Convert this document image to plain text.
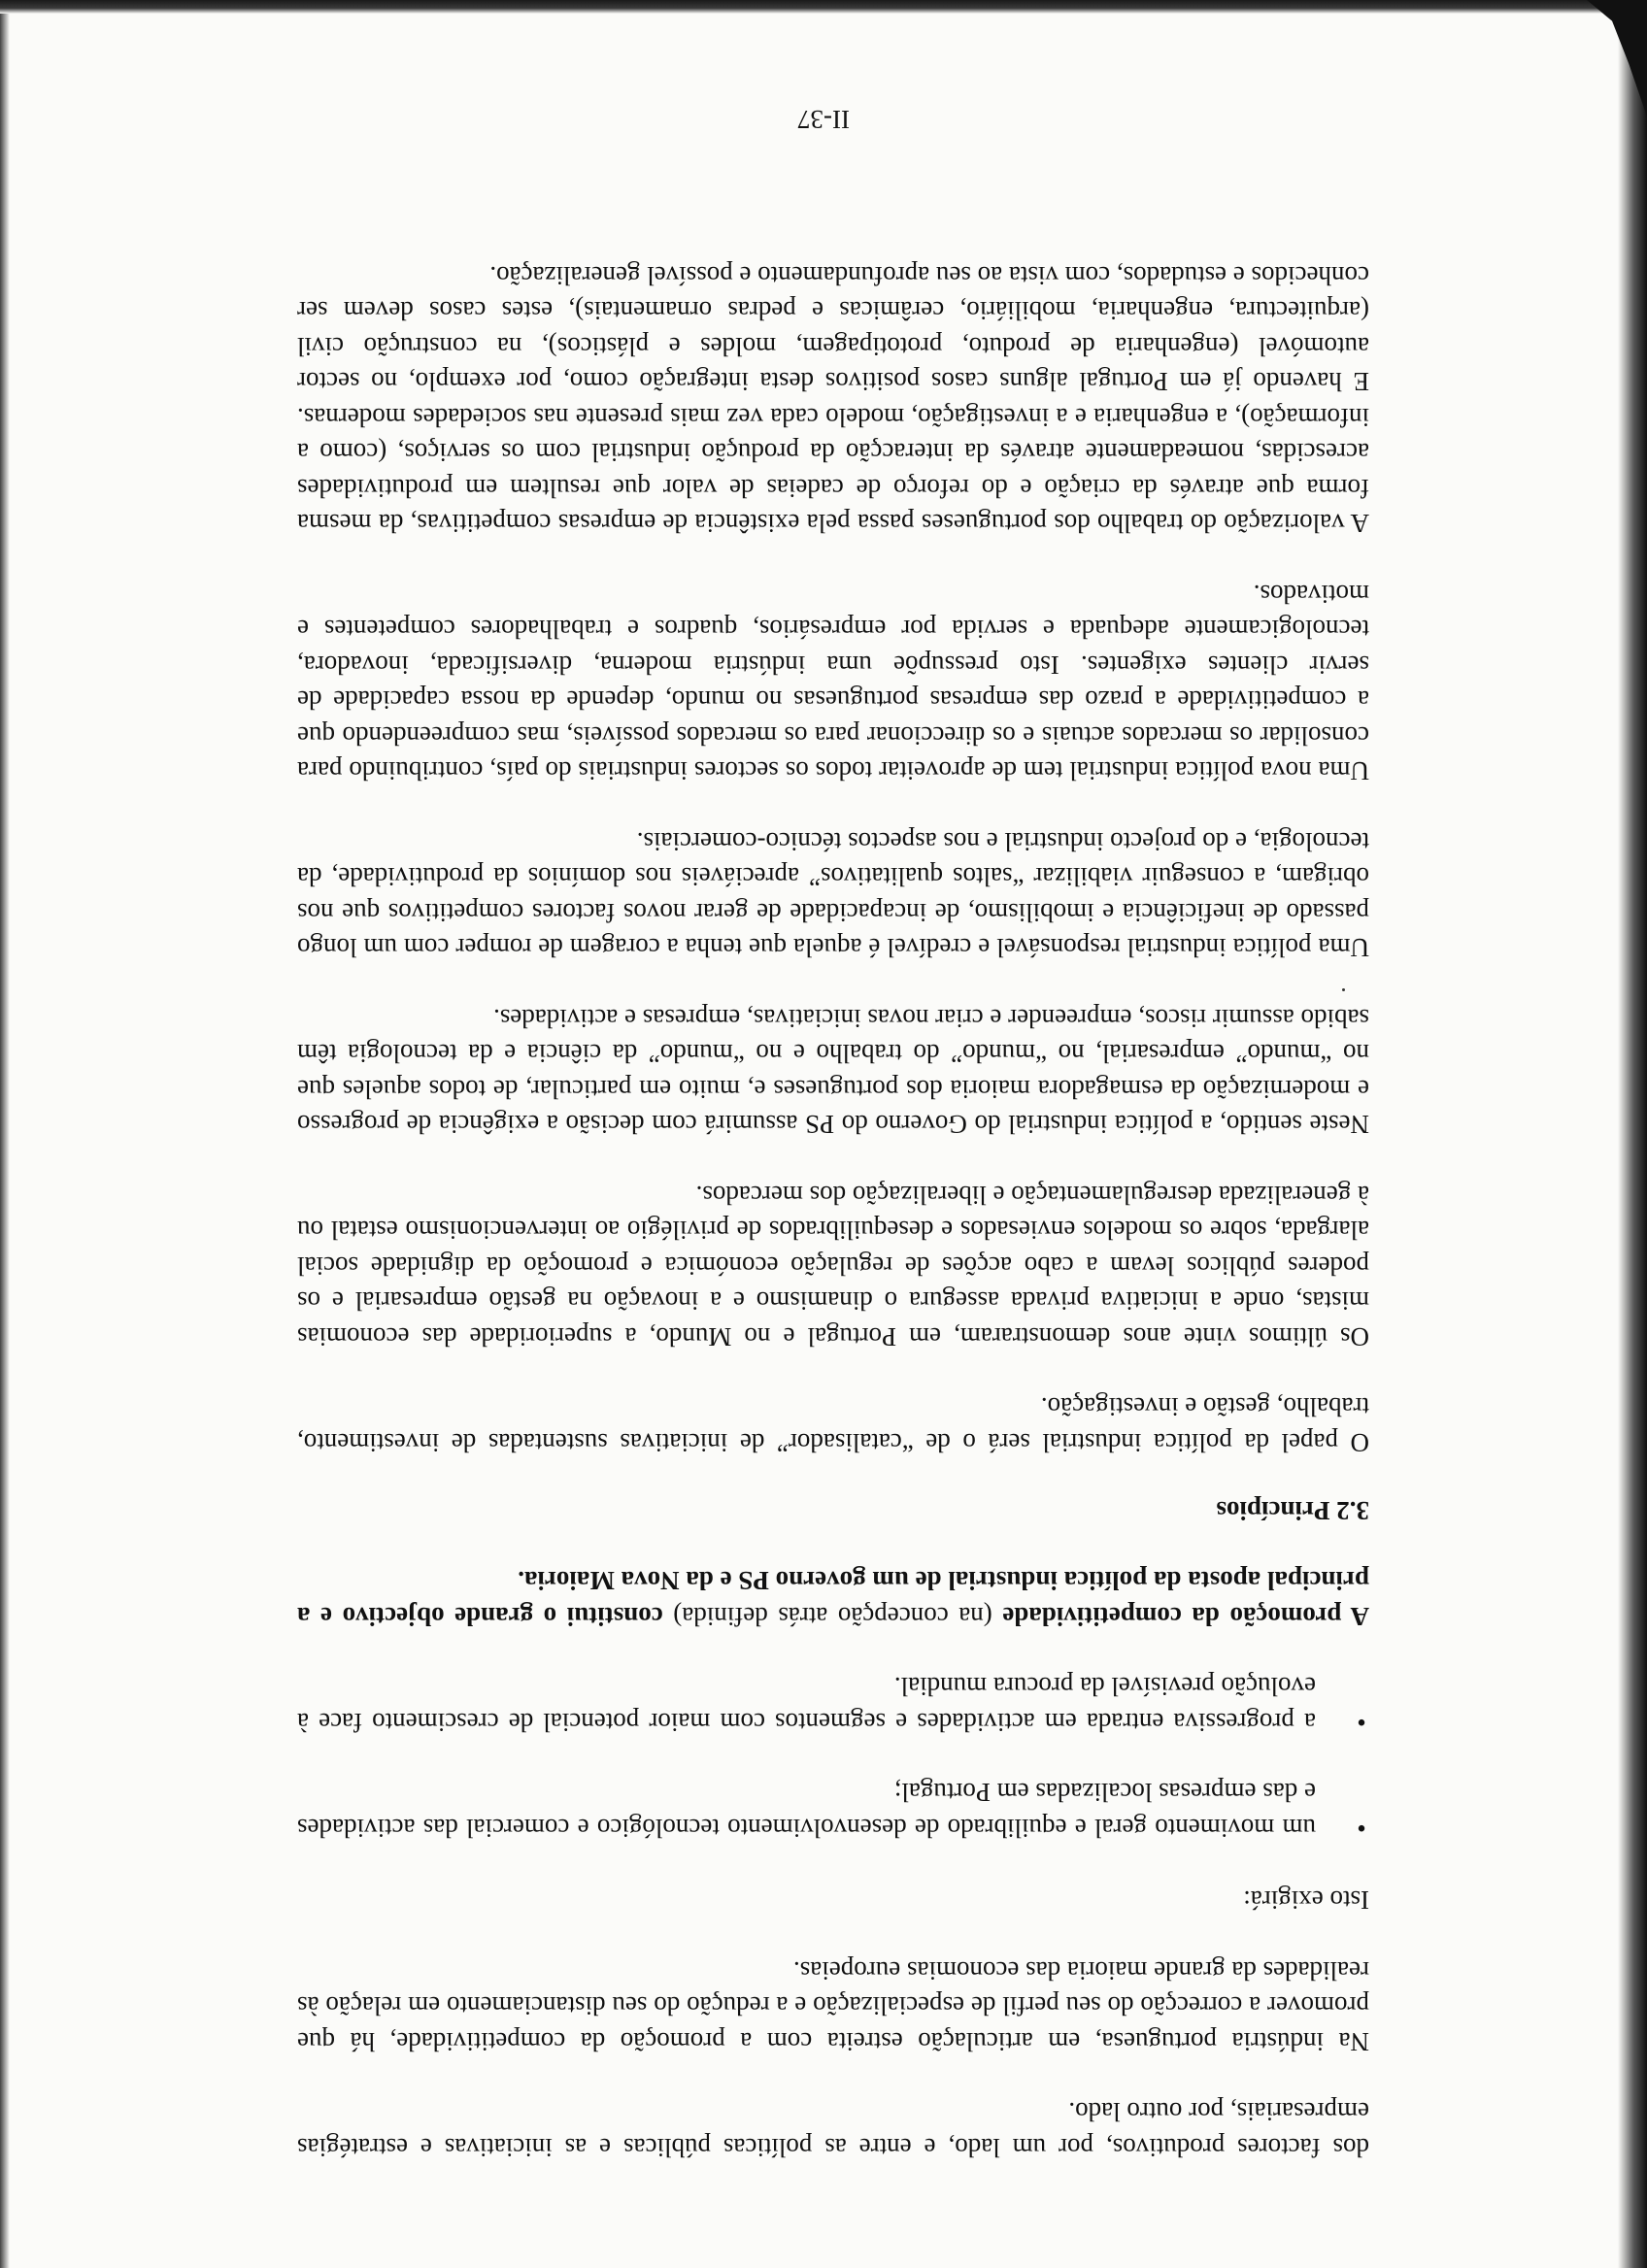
dos factores produtivos, por um lado, e entre as políticas públicas e as iniciativas e estratégias empresariais, por outro lado.

Na indústria portuguesa, em articulação estreita com a promoção da competitividade, há que promover a correcção do seu perfil de especialização e a redução do seu distanciamento em relação às realidades da grande maioria das economias europeias.

Isto exigirá:

•
um movimento geral e equilibrado de desenvolvimento tecnológico e comercial das actividades e das empresas localizadas em Portugal;
•
a progressiva entrada em actividades e segmentos com maior potencial de crescimento face à evolução previsível da procura mundial.

A promoção da competitividade (na concepção atrás definida) constitui o grande objectivo e a principal aposta da política industrial de um governo PS e da Nova Maioria.

3.2 Princípios

O papel da política industrial será o de “catalisador” de iniciativas sustentadas de investimento, trabalho, gestão e investigação.

Os últimos vinte anos demonstraram, em Portugal e no Mundo, a superioridade das economias mistas, onde a iniciativa privada assegura o dinamismo e a inovação na gestão empresarial e os poderes públicos levam a cabo acções de regulação económica e promoção da dignidade social alargada, sobre os modelos enviesados e desequilibrados de privilégio ao intervencionismo estatal ou à generalizada desregulamentação e liberalização dos mercados.

Neste sentido, a política industrial do Governo do PS assumirá com decisão a exigência de progresso e modernização da esmagadora maioria dos portugueses e, muito em particular, de todos aqueles que no “mundo” empresarial, no “mundo” do trabalho e no “mundo” da ciência e da tecnologia têm sabido assumir riscos, empreender e criar novas iniciativas, empresas e actividades.

Uma política industrial responsável e credível é aquela que tenha a coragem de romper com um longo passado de ineficiência e imobilismo, de incapacidade de gerar novos factores competitivos que nos obrigam, a conseguir viabilizar “saltos qualitativos” apreciáveis nos domínios da produtividade, da tecnologia, e do projecto industrial e nos aspectos técnico-comerciais.

Uma nova política industrial tem de aproveitar todos os sectores industriais do país, contribuindo para consolidar os mercados actuais e os direccionar para os mercados possíveis, mas compreendendo que a competitividade a prazo das empresas portuguesas no mundo, depende da nossa capacidade de servir clientes exigentes. Isto pressupõe uma indústria moderna, diversificada, inovadora, tecnologicamente adequada e servida por empresários, quadros e trabalhadores competentes e motivados.

A valorização do trabalho dos portugueses passa pela existência de empresas competitivas, da mesma forma que através da criação e do reforço de cadeias de valor que resultem em produtividades acrescidas, nomeadamente através da interacção da produção industrial com os serviços, (como a informação), a engenharia e a investigação, modelo cada vez mais presente nas sociedades modernas. E havendo já em Portugal alguns casos positivos desta integração como, por exemplo, no sector automóvel (engenharia de produto, prototipagem, moldes e plásticos), na construção civil (arquitectura, engenharia, mobiliário, cerâmicas e pedras ornamentais), estes casos devem ser conhecidos e estudados, com vista ao seu aprofundamento e possível generalização.

II-37
